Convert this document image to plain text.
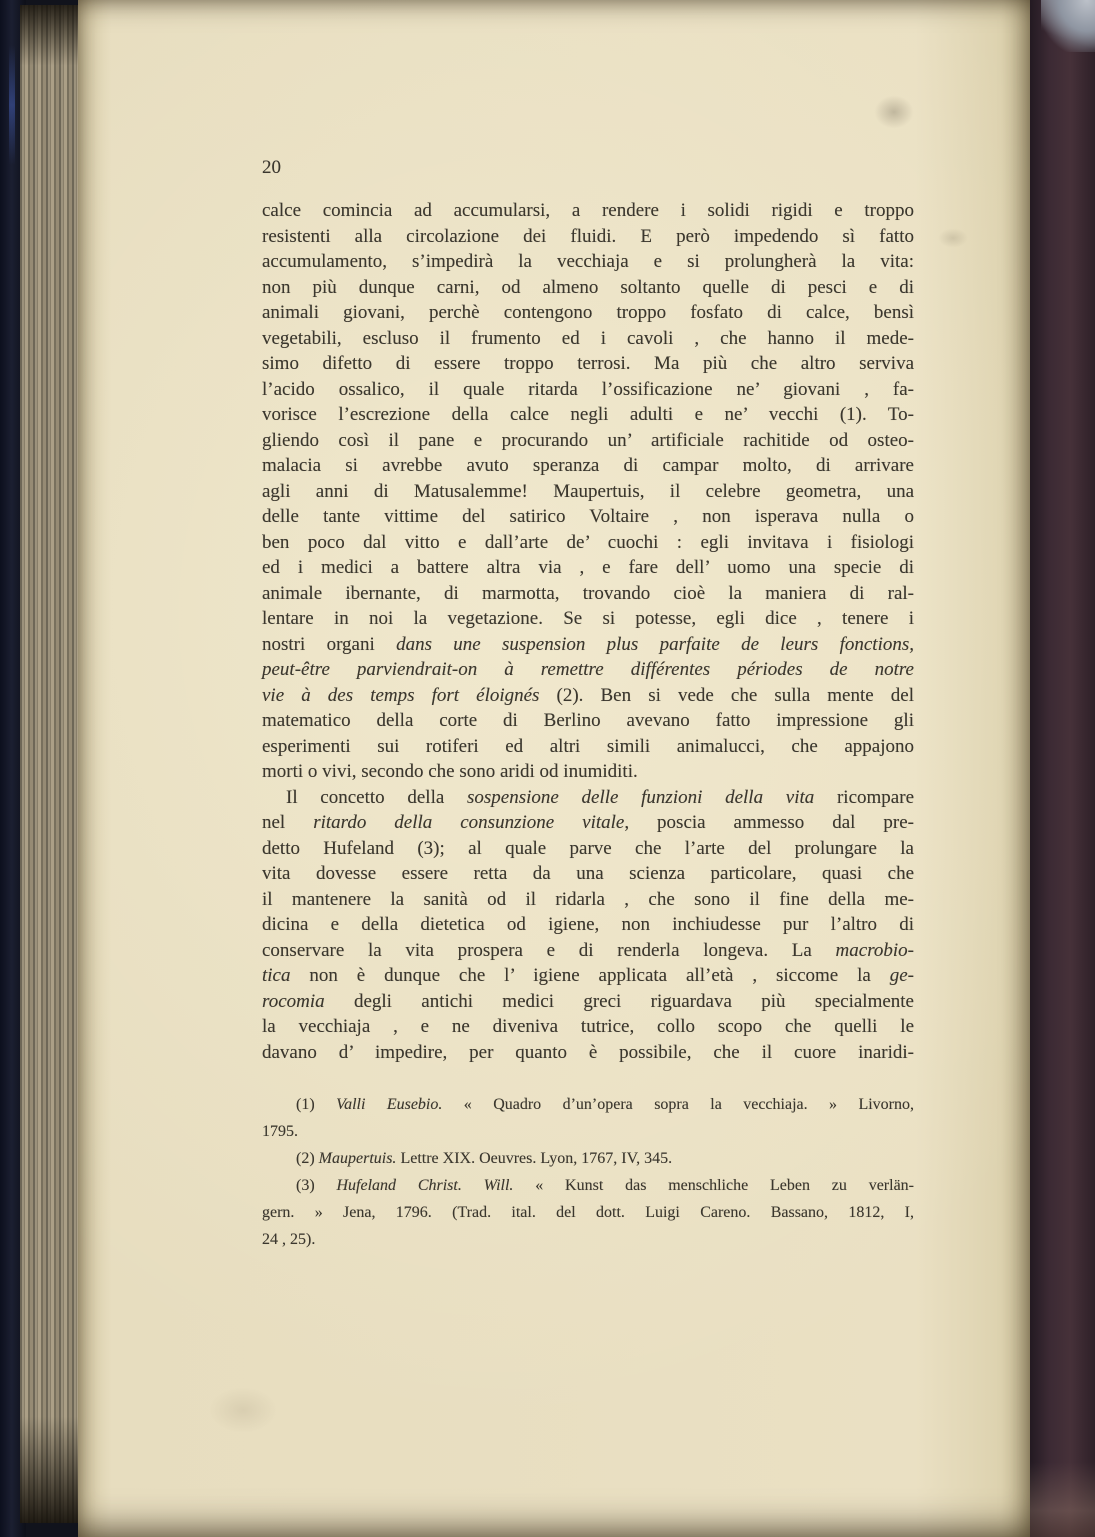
20
calce comincia ad accumularsi, a rendere i solidi rigidi e troppo
resistenti alla circolazione dei fluidi. E però impedendo sì fatto
accumulamento, s’impedirà la vecchiaja e si prolungherà la vita:
non più dunque carni, od almeno soltanto quelle di pesci e di
animali giovani, perchè contengono troppo fosfato di calce, bensì
vegetabili, escluso il frumento ed i cavoli , che hanno il mede-
simo difetto di essere troppo terrosi. Ma più che altro serviva
l’acido ossalico, il quale ritarda l’ossificazione ne’ giovani , fa-
vorisce l’escrezione della calce negli adulti e ne’ vecchi (1). To-
gliendo così il pane e procurando un’ artificiale rachitide od osteo-
malacia si avrebbe avuto speranza di campar molto, di arrivare
agli anni di Matusalemme! Maupertuis, il celebre geometra, una
delle tante vittime del satirico Voltaire , non isperava nulla o
ben poco dal vitto e dall’arte de’ cuochi : egli invitava i fisiologi
ed i medici a battere altra via , e fare dell’ uomo una specie di
animale ibernante, di marmotta, trovando cioè la maniera di ral-
lentare in noi la vegetazione. Se si potesse, egli dice , tenere i
nostri organi dans une suspension plus parfaite de leurs fonctions,
peut-être parviendrait-on à remettre différentes périodes de notre
vie à des temps fort éloignés (2). Ben si vede che sulla mente del
matematico della corte di Berlino avevano fatto impressione gli
esperimenti sui rotiferi ed altri simili animalucci, che appajono
morti o vivi, secondo che sono aridi od inumiditi.
Il concetto della sospensione delle funzioni della vita ricompare
nel ritardo della consunzione vitale, poscia ammesso dal pre-
detto Hufeland (3); al quale parve che l’arte del prolungare la
vita dovesse essere retta da una scienza particolare, quasi che
il mantenere la sanità od il ridarla , che sono il fine della me-
dicina e della dietetica od igiene, non inchiudesse pur l’altro di
conservare la vita prospera e di renderla longeva. La macrobio-
tica non è dunque che l’ igiene applicata all’età , siccome la ge-
rocomia degli antichi medici greci riguardava più specialmente
la vecchiaja , e ne diveniva tutrice, collo scopo che quelli le
davano d’ impedire, per quanto è possibile, che il cuore inaridi-
(1) Valli Eusebio. « Quadro d’un’opera sopra la vecchiaja. » Livorno,
1795.
(2) Maupertuis. Lettre XIX. Oeuvres. Lyon, 1767, IV, 345.
(3) Hufeland Christ. Will. « Kunst das menschliche Leben zu verlän-
gern. » Jena, 1796. (Trad. ital. del dott. Luigi Careno. Bassano, 1812, I,
24 , 25).
